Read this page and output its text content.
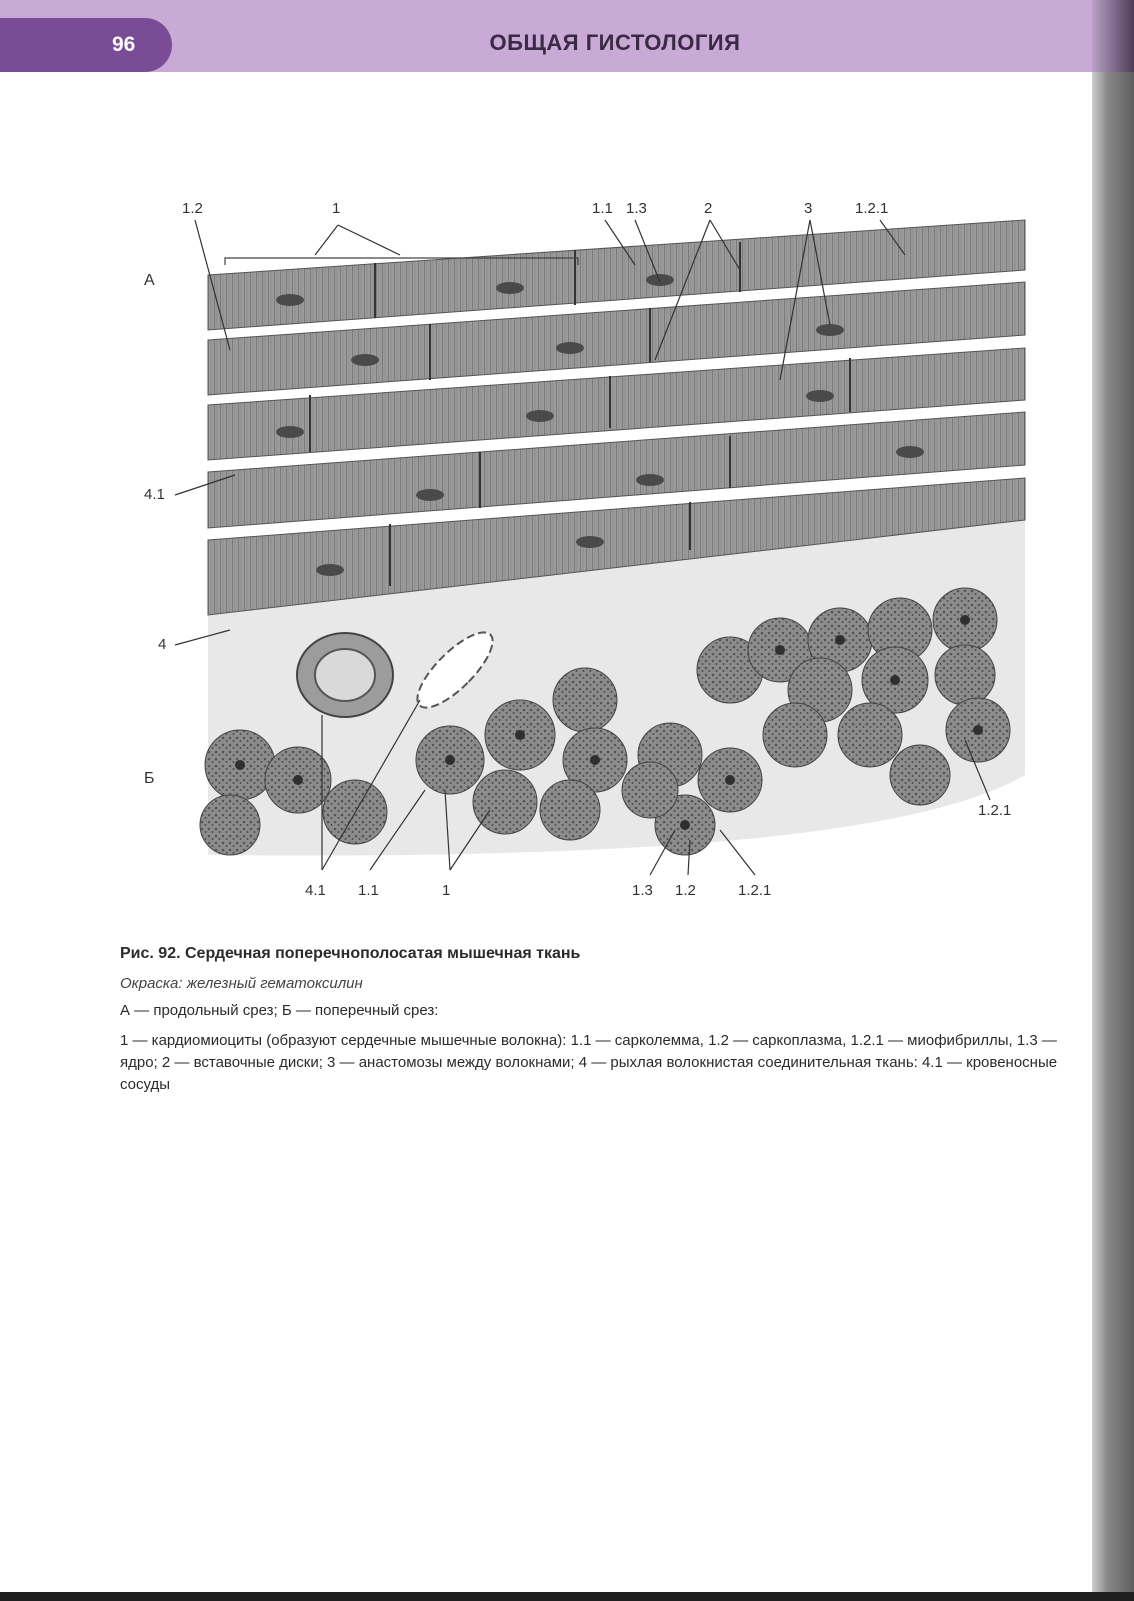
96	ОБЩАЯ ГИСТОЛОГИЯ
1.2	1	1.1 1.3	2	3	1.2.1
А
4.1
4
Б
1.2.1
4.1 1.1	1	1.3 1.2	1.2.1
Рис. 92. Сердечная поперечнополосатая мышечная ткань
Окраска: железный гематоксилин
А — продольный срез; Б — поперечный срез:
1 — кардиомиоциты (образуют сердечные мышечные волокна): 1.1 — сарколемма, 1.2 — саркоплазма, 1.2.1 — миофибриллы, 1.3 — ядро; 2 — вставочные диски; 3 — анастомозы между волокнами; 4 — рыхлая волокнистая соединительная ткань: 4.1 — кровеносные сосуды
